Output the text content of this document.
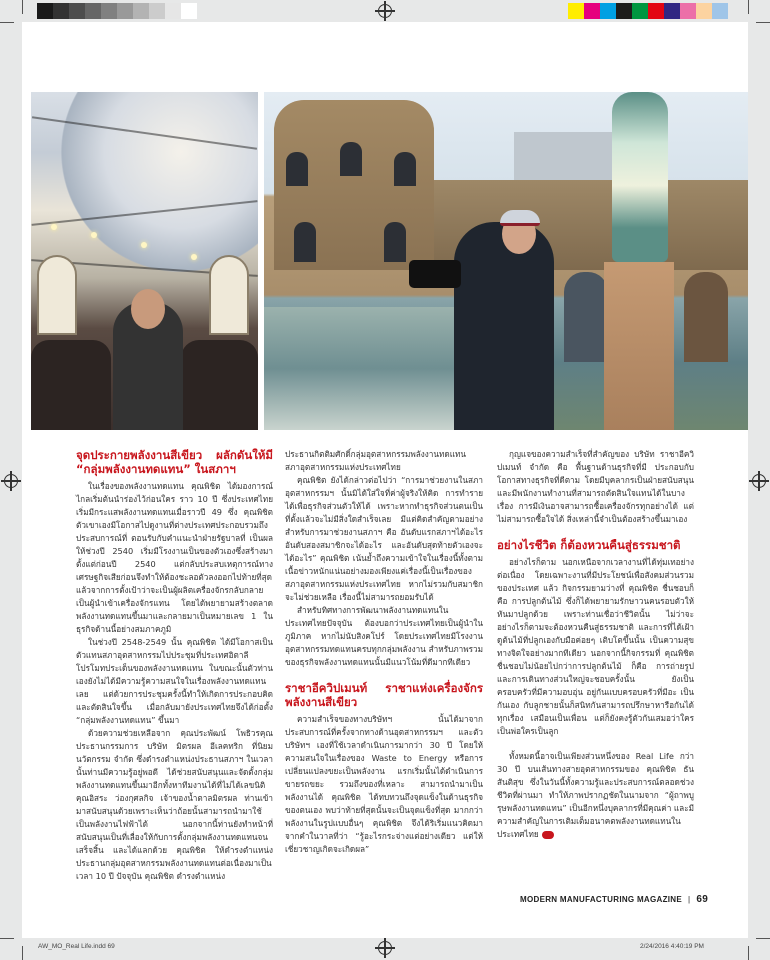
จุดประกายพลังงานสีเขียว ผลักดันให้มี “กลุ่มพลังงานทดแทน” ในสภาฯ

ในเรื่องของพลังงานทดแทน คุณพิชิต ได้มองการณ์ไกลเริ่มต้นนำร่องไว้ก่อนใคร ราว 10 ปี ซึ่งประเทศไทยเริ่มมีกระแสพลังงานทดแทนเมื่อราวปี 49 ซึ่ง คุณพิชิต ตัวเขาเองมีโอกาสไปดูงานที่ต่างประเทศประกอบรวมถึงประสบการณ์ที่ ตอนรับกับคำแนะนำฝ่ายรัฐบาลที่ เป็นผลให้ช่วงปี 2540 เริ่มมีโรงงานเป็นของตัวเองซึ่งสร้างมาตั้งแต่ก่อนปี 2540 แต่กลับประสบเหตุการณ์ทางเศรษฐกิจเสียก่อนจึงทำให้ต้องชะลอตัวลงออกไปท้ายที่สุดแล้วจากการตั้งเป้าว่าจะเป็นผู้ผลิตเครื่องจักรกลับกลายเป็นผู้นำเข้าเครื่องจักรแทน โดยได้พยายามสร้างตลาดพลังงานทดแทนขึ้นมาและกลายมาเป็นหมายเลข 1 ในธุรกิจด้านนี้อย่างสมภาคภูมิ

ในช่วงปี 2548-2549 นั้น คุณพิชิต ได้มีโอกาสเป็นตัวแทนสภาอุตสาหกรรมไปประชุมที่ประเทศอิตาลีโปรโมทประเด็นของพลังงานทดแทน ในขณะนั้นตัวท่านเองยังไม่ได้มีความรู้ความสนใจในเรื่องพลังงานทดแทนเลย แต่ด้วยการประชุมครั้งนี้ทำให้เกิดการประกอบคิดและตัดสินใจขึ้น เมื่อกลับมายังประเทศไทยจึงได้ก่อตั้ง “กลุ่มพลังงานทดแทน” ขึ้นมา

ด้วยความช่วยเหลือจาก คุณประพัฒน์ โพธิวรคุณ ประธานกรรมการ บริษัท มิตรผล อีเลคทริก ที่นิยมนวัตกรรม จำกัด ซึ่งดำรงตำแหน่งประธานสภาฯ ในเวลานั้นท่านมีความรู้อยู่พอดี ได้ช่วยสนับสนุนและจัดตั้งกลุ่มพลังงานทดแทนขึ้นมาอีกทั้งหาทีมงานได้ที่ไม่ได้เลขนิติ คุณอิสระ ว่องกุศลกิจ เจ้าของน้ำตาลมิตรผล ท่านเข้ามาสนับสนุนด้วยเพราะเห็นว่าถ้อยนั้นสามารถนำมาใช้เป็นพลังงานไฟฟ้าได้ นอกจากนี้ท่านยังทำหน้าที่สนับสนุนเป็นที่เลื่องให้กับการตั้งกลุ่มพลังงานทดแทนจนเสร็จสิ้น และได้แลกด้วย คุณพิชิต ให้ดำรงตำแหน่งประธานกลุ่มอุตสาหกรรมพลังงานทดแทนต่อเนื่องมาเป็นเวลา 10 ปี ปัจจุบัน คุณพิชิต ดำรงตำแหน่ง

ประธานกิตติมศักดิ์กลุ่มอุตสาหกรรมพลังงานทดแทน สภาอุตสาหกรรมแห่งประเทศไทย

คุณพิชิต ยังได้กล่าวต่อไปว่า “การมาช่วยงานในสภาอุตสาหกรรมฯ นั้นมิได้ใส่ใจที่ค่าผู้จริงให้คิด การทำรายได้เพื่อธุรกิจส่วนตัวให้ได้ เพราะหากทำธุรกิจส่วนตนเป็นที่ตั้งแล้วจะไม่มีสิ่งใดสำเร็จเลย มีแต่คิดสำคัญตามอย่างสำหรับการมาช่วยงานสภาฯ คือ อันดับแรกสภาฯได้อะไร อันดับสองสมาชิกจะได้อะไร และอันดับสุดท้ายตัวเองจะได้อะไร” คุณพิชิต เน้นย้ำถึงความเข้าใจในเรื่องนี้ทั้งตามเนื้อข่าวหนักแน่นอย่างมองเพียงแค่เรื่องนี้เป็นเรื่องของสภาอุตสาหกรรมแห่งประเทศไทย หากไม่รวมกับสมาชิกจะไม่ช่วยเหลือ เรื่องนี้ไม่สามารถยอมรับได้

สำหรับทิศทางการพัฒนาพลังงานทดแทนในประเทศไทยปัจจุบัน ต้องบอกว่าประเทศไทยเป็นผู้นำในภูมิภาค หากไม่นับสิงคโปร์ โดยประเทศไทยมีโรงงานอุตสาหกรรมทดแทนครบทุกกลุ่มพลังงาน สำหรับภาพรวมของธุรกิจพลังงานทดแทนนั้นมีแนวโน้มที่ดีมากทีเดียว

ราชาอีควิปเมนท์ ราชาแห่งเครื่องจักรพลังงานสีเขียว

ความสำเร็จของทางบริษัทฯ นั้นได้มาจากประสบการณ์ที่ครั้งจากทางด้านอุตสาหกรรมฯ และตัวบริษัทฯ เองที่ใช้เวลาดำเนินการมากว่า 30 ปี โดยให้ความสนใจในเรื่องของ Waste to Energy หรือการเปลี่ยนแปลงขยะเป็นพลังงาน แรกเริ่มนั้นได้ดำเนินการขายรถขยะ รวมถึงของที่เหลาะ สามารถนำมาเป็นพลังงานได้ คุณพิชิต ได้ทบทวนถึงจุดแข็งในด้านธุรกิจของตนเอง พบว่าท้ายที่สุดนั้นจะเป็นจุดแข็งที่สุด มากกว่าพลังงานในรูปแบบอื่นๆ คุณพิชิต จึงได้ริเริ่มแนวคิดมาจากคำในวาลที่ว่า “รู้อะไรกระจ่างแต่อย่างเดียว แต่ให้เชี่ยวชาญเกิดจะเกิดผล”

กุญแจของความสำเร็จที่สำคัญของ บริษัท ราชาอีควิปเมนท์ จำกัด คือ พื้นฐานด้านธุรกิจที่มี ประกอบกับ โอกาสทางธุรกิจที่ดีตาม โดยมีบุคลากรเป็นฝ่ายสนับสนุนและมีพนักงานทำงานที่สามารถตัดสินใจแทนได้ในบางเรื่อง การมีเงินอาจสามารถซื้อเครื่องจักรทุกอย่างได้ แต่ไม่สามารถซื้อใจได้ สิ่งเหล่านี้จำเป็นต้องสร้างขึ้นมาเอง

อย่างไรชีวิต ก็ต้องหวนคืนสู่ธรรมชาติ

อย่างไรก็ตาม นอกเหนือจากเวลางานที่ได้ทุ่มเทอย่างต่อเนื่อง โดยเฉพาะงานที่มีประโยชน์เพื่อสังคมส่วนรวมของประเทศ แล้ว กิจกรรมยามว่างที่ คุณพิชิต ชื่นชอบก็คือ การปลูกต้นไม้ ซึ่งก็ได้พยายามรักษาวนคนรอบตัวให้หันมาปลูกด้วย เพราะท่านเชื่อว่าชีวิตนั้น ไม่ว่าจะอย่างไรก็ตามจะต้องหวนคืนสู่ธรรมชาติ และการที่ได้เฝ้าดูต้นไม้ที่ปลูกเองกับมือค่อยๆ เติบโตขึ้นนั้น เป็นความสุขทางจิตใจอย่างมากทีเดียว นอกจากนี้กิจกรรมที่ คุณพิชิต ชื่นชอบไม่น้อยไปกว่าการปลูกต้นไม้ ก็คือ การถ่ายรูปและการเดินทางส่วนใหญ่จะชอบครั้งนั้น ยังเป็นครอบครัวที่มีความอบอุ่น อยู่กันแบบครอบครัวที่มีอะ เป็นกันเอง กับลูกชายนั้นก็สนิทกันสามารถปรึกษาหารือกันได้ทุกเรื่อง เสมือนเป็นเพื่อน แต่ก็ยังคงรู้ตัวกันเสมอว่าใครเป็นพ่อใครเป็นลูก

ทั้งหมดนี้อาจเป็นเพียงส่วนหนึ่งของ Real Life กว่า 30 ปี บนเส้นทางสายอุตสาหกรรมของ คุณพิชิต ธันสันติสุข ซึ่งในวันนี้ทั้งความรู้และประสบการณ์ตลอดช่วงชีวิตที่ผ่านมา ทำให้ภาพปรากฏชัดในนามจาก “ผู้ถาพบูรุษพลังงานทดแทน” เป็นอีกหนึ่งบุคลากรที่มีคุณค่า และมีความสำคัญในการเติมเต็มอนาคตพลังงานทดแทนในประเทศไทย

MODERN MANUFACTURING MAGAZINE | 69
AW_MO_Real Life.indd 69	2/24/2016 4:40:19 PM
